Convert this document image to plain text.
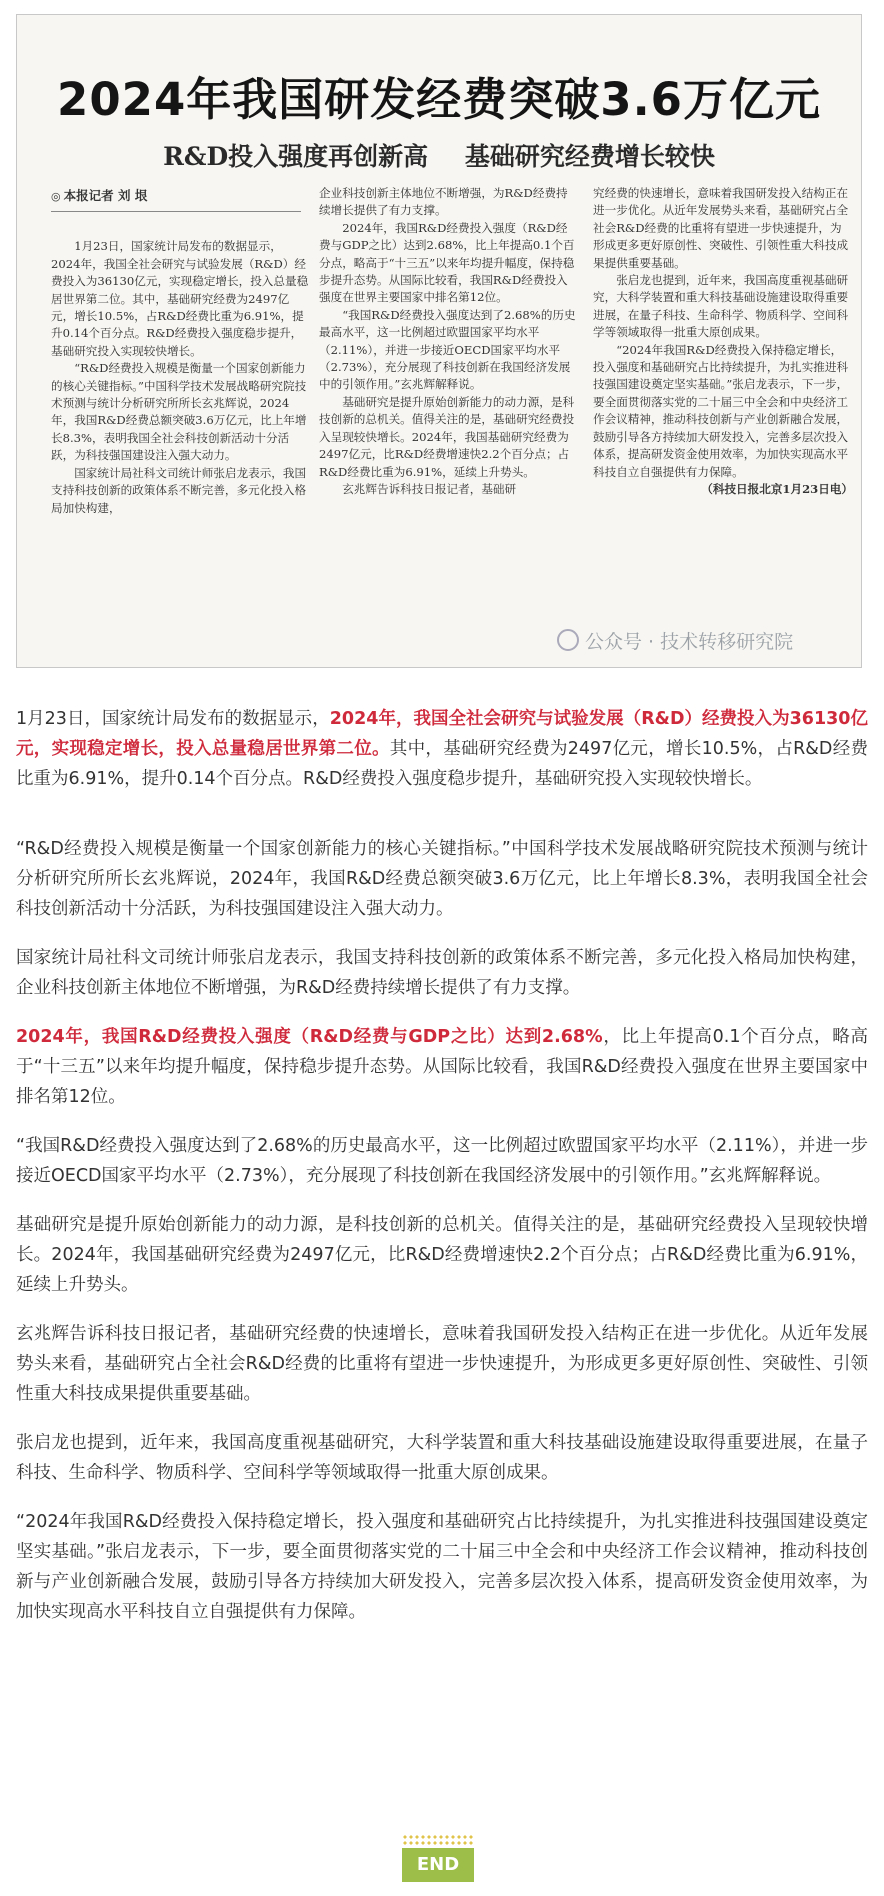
2024年我国研发经费突破3.6万亿元
R&D投入强度再创新高 基础研究经费增长较快
◎ 本报记者 刘 垠

1月23日，国家统计局发布的数据显示，2024年，我国全社会研究与试验发展（R&D）经费投入为36130亿元，实现稳定增长，投入总量稳居世界第二位。其中，基础研究经费为2497亿元，增长10.5%，占R&D经费比重为6.91%，提升0.14个百分点。R&D经费投入强度稳步提升，基础研究投入实现较快增长。

“R&D经费投入规模是衡量一个国家创新能力的核心关键指标。”中国科学技术发展战略研究院技术预测与统计分析研究所所长玄兆辉说，2024年，我国R&D经费总额突破3.6万亿元，比上年增长8.3%，表明我国全社会科技创新活动十分活跃，为科技强国建设注入强大动力。

国家统计局社科文司统计师张启龙表示，我国支持科技创新的政策体系不断完善，多元化投入格局加快构建，

企业科技创新主体地位不断增强，为R&D经费持续增长提供了有力支撑。

2024年，我国R&D经费投入强度（R&D经费与GDP之比）达到2.68%，比上年提高0.1个百分点，略高于“十三五”以来年均提升幅度，保持稳步提升态势。从国际比较看，我国R&D经费投入强度在世界主要国家中排名第12位。

“我国R&D经费投入强度达到了2.68%的历史最高水平，这一比例超过欧盟国家平均水平（2.11%），并进一步接近OECD国家平均水平（2.73%），充分展现了科技创新在我国经济发展中的引领作用。”玄兆辉解释说。

基础研究是提升原始创新能力的动力源，是科技创新的总机关。值得关注的是，基础研究经费投入呈现较快增长。2024年，我国基础研究经费为2497亿元，比R&D经费增速快2.2个百分点；占R&D经费比重为6.91%，延续上升势头。

玄兆辉告诉科技日报记者，基础研

究经费的快速增长，意味着我国研发投入结构正在进一步优化。从近年发展势头来看，基础研究占全社会R&D经费的比重将有望进一步快速提升，为形成更多更好原创性、突破性、引领性重大科技成果提供重要基础。

张启龙也提到，近年来，我国高度重视基础研究，大科学装置和重大科技基础设施建设取得重要进展，在量子科技、生命科学、物质科学、空间科学等领域取得一批重大原创成果。

“2024年我国R&D经费投入保持稳定增长，投入强度和基础研究占比持续提升，为扎实推进科技强国建设奠定坚实基础。”张启龙表示，下一步，要全面贯彻落实党的二十届三中全会和中央经济工作会议精神，推动科技创新与产业创新融合发展，鼓励引导各方持续加大研发投入，完善多层次投入体系，提高研发资金使用效率，为加快实现高水平科技自立自强提供有力保障。

（科技日报北京1月23日电）

公众号 · 技术转移研究院

1月23日，国家统计局发布的数据显示，2024年，我国全社会研究与试验发展（R&D）经费投入为36130亿元，实现稳定增长，投入总量稳居世界第二位。其中，基础研究经费为2497亿元，增长10.5%，占R&D经费比重为6.91%，提升0.14个百分点。R&D经费投入强度稳步提升，基础研究投入实现较快增长。

“R&D经费投入规模是衡量一个国家创新能力的核心关键指标。”中国科学技术发展战略研究院技术预测与统计分析研究所所长玄兆辉说，2024年，我国R&D经费总额突破3.6万亿元，比上年增长8.3%，表明我国全社会科技创新活动十分活跃，为科技强国建设注入强大动力。

国家统计局社科文司统计师张启龙表示，我国支持科技创新的政策体系不断完善，多元化投入格局加快构建，企业科技创新主体地位不断增强，为R&D经费持续增长提供了有力支撑。

2024年，我国R&D经费投入强度（R&D经费与GDP之比）达到2.68%，比上年提高0.1个百分点，略高于“十三五”以来年均提升幅度，保持稳步提升态势。从国际比较看，我国R&D经费投入强度在世界主要国家中排名第12位。

“我国R&D经费投入强度达到了2.68%的历史最高水平，这一比例超过欧盟国家平均水平（2.11%），并进一步接近OECD国家平均水平（2.73%），充分展现了科技创新在我国经济发展中的引领作用。”玄兆辉解释说。

基础研究是提升原始创新能力的动力源，是科技创新的总机关。值得关注的是，基础研究经费投入呈现较快增长。2024年，我国基础研究经费为2497亿元，比R&D经费增速快2.2个百分点；占R&D经费比重为6.91%，延续上升势头。

玄兆辉告诉科技日报记者，基础研究经费的快速增长，意味着我国研发投入结构正在进一步优化。从近年发展势头来看，基础研究占全社会R&D经费的比重将有望进一步快速提升，为形成更多更好原创性、突破性、引领性重大科技成果提供重要基础。

张启龙也提到，近年来，我国高度重视基础研究，大科学装置和重大科技基础设施建设取得重要进展，在量子科技、生命科学、物质科学、空间科学等领域取得一批重大原创成果。

“2024年我国R&D经费投入保持稳定增长，投入强度和基础研究占比持续提升，为扎实推进科技强国建设奠定坚实基础。”张启龙表示，下一步，要全面贯彻落实党的二十届三中全会和中央经济工作会议精神，推动科技创新与产业创新融合发展，鼓励引导各方持续加大研发投入，完善多层次投入体系，提高研发资金使用效率，为加快实现高水平科技自立自强提供有力保障。

END
